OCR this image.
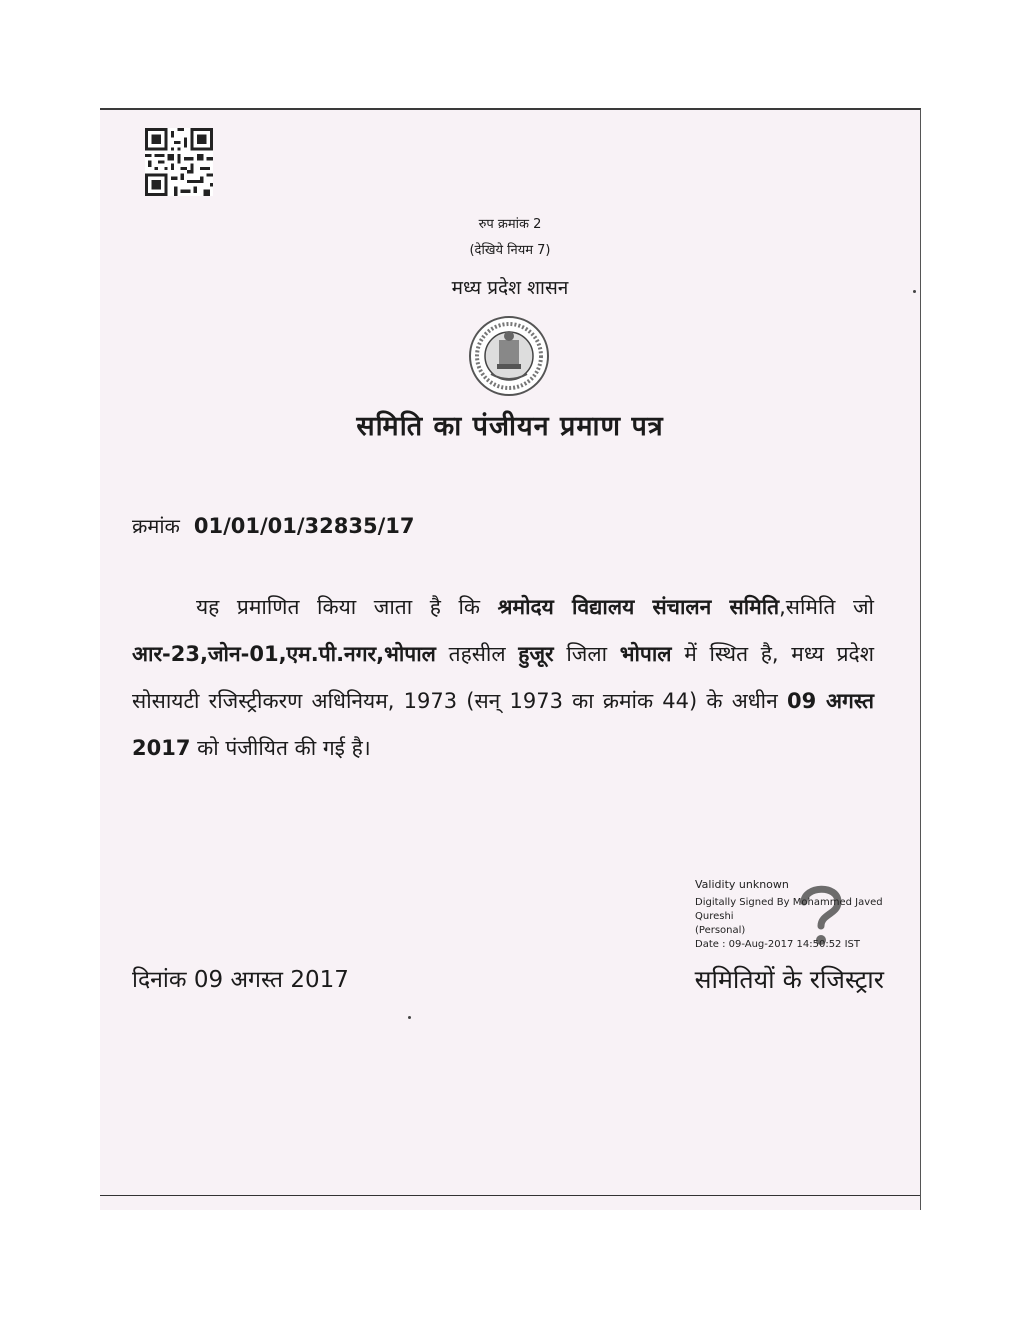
रुप क्रमांक 2
(देखिये नियम 7)
मध्य प्रदेश शासन
समिति का पंजीयन प्रमाण पत्र
क्रमांक 01/01/01/32835/17
यह प्रमाणित किया जाता है कि श्रमोदय विद्यालय संचालन समिति,समिति जो आर-23,जोन-01,एम.पी.नगर,भोपाल तहसील हुजूर जिला भोपाल में स्थित है, मध्य प्रदेश सोसायटी रजिस्ट्रीकरण अधिनियम, 1973 (सन् 1973 का क्रमांक 44) के अधीन 09 अगस्त 2017 को पंजीयित की गई है।
Validity unknown
Digitally Signed By Mohammed Javed Qureshi
(Personal)
Date : 09-Aug-2017 14:50:52 IST
दिनांक 09 अगस्त 2017	समितियों के रजिस्ट्रार
